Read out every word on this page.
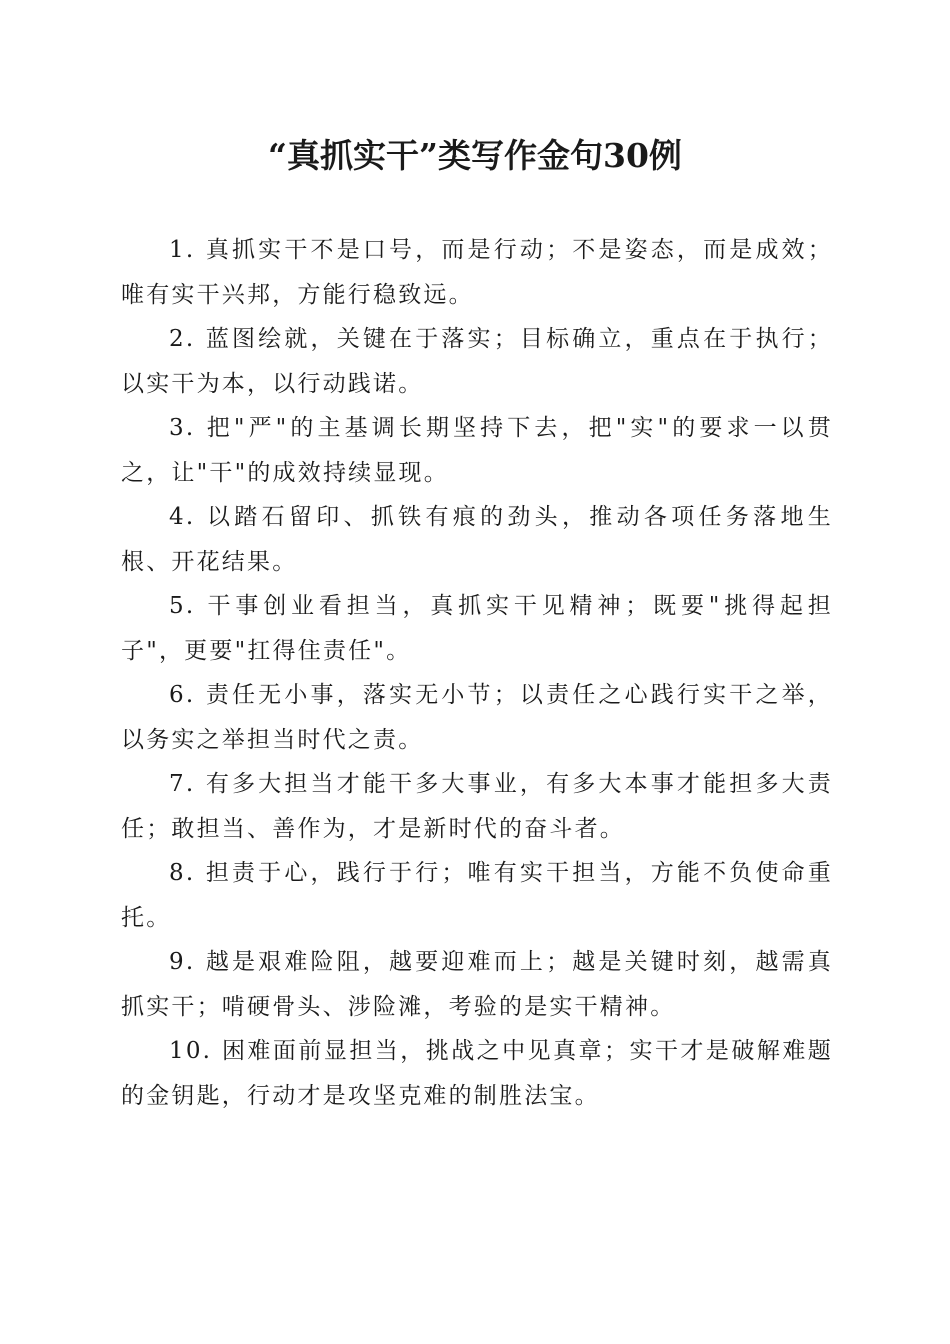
“真抓实干”类写作金句30例

1. 真抓实干不是口号，而是行动；不是姿态，而是成效；唯有实干兴邦，方能行稳致远。

2. 蓝图绘就，关键在于落实；目标确立，重点在于执行；以实干为本，以行动践诺。

3. 把"严"的主基调长期坚持下去，把"实"的要求一以贯之，让"干"的成效持续显现。

4. 以踏石留印、抓铁有痕的劲头，推动各项任务落地生根、开花结果。

5. 干事创业看担当，真抓实干见精神；既要"挑得起担子"，更要"扛得住责任"。

6. 责任无小事，落实无小节；以责任之心践行实干之举，以务实之举担当时代之责。

7. 有多大担当才能干多大事业，有多大本事才能担多大责任；敢担当、善作为，才是新时代的奋斗者。

8. 担责于心，践行于行；唯有实干担当，方能不负使命重托。

9. 越是艰难险阻，越要迎难而上；越是关键时刻，越需真抓实干；啃硬骨头、涉险滩，考验的是实干精神。

10. 困难面前显担当，挑战之中见真章；实干才是破解难题的金钥匙，行动才是攻坚克难的制胜法宝。
